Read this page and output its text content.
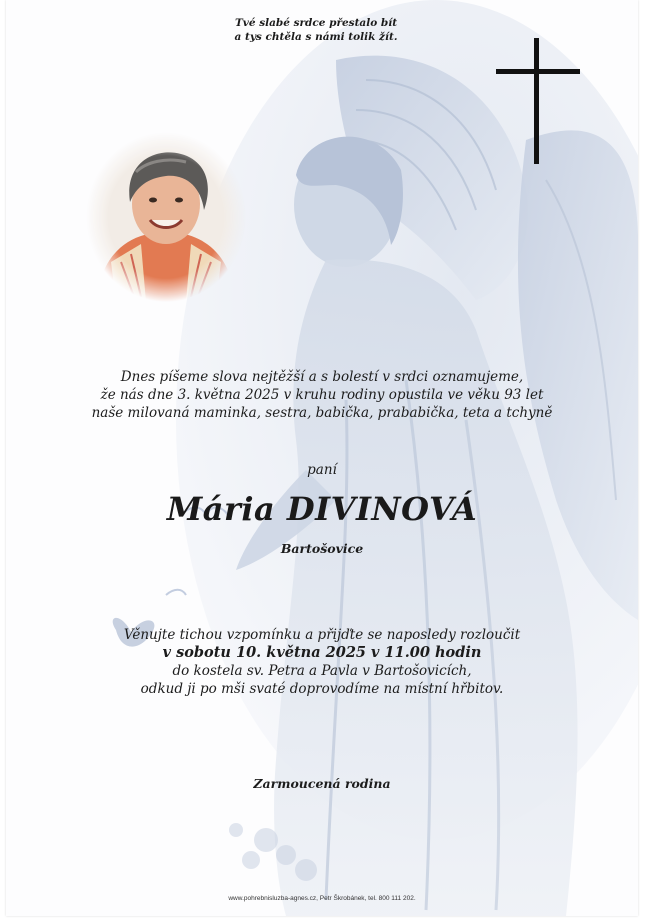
Tvé slabé srdce přestalo bít
a tys chtěla s námi tolik žít.
Dnes píšeme slova nejtěžší a s bolestí v srdci oznamujeme,
že nás dne 3. května 2025 v kruhu rodiny opustila ve věku 93 let
naše milovaná maminka, sestra, babička, prababička, teta a tchyně
paní
Mária DIVINOVÁ
Bartošovice
Věnujte tichou vzpomínku a přijďte se naposledy rozloučit
v sobotu 10. května 2025 v 11.00 hodin
do kostela sv. Petra a Pavla v Bartošovicích,
odkud ji po mši svaté doprovodíme na místní hřbitov.
Zarmoucená rodina
www.pohrebnisluzba-agnes.cz, Petr Škrobánek, tel. 800 111 202.
